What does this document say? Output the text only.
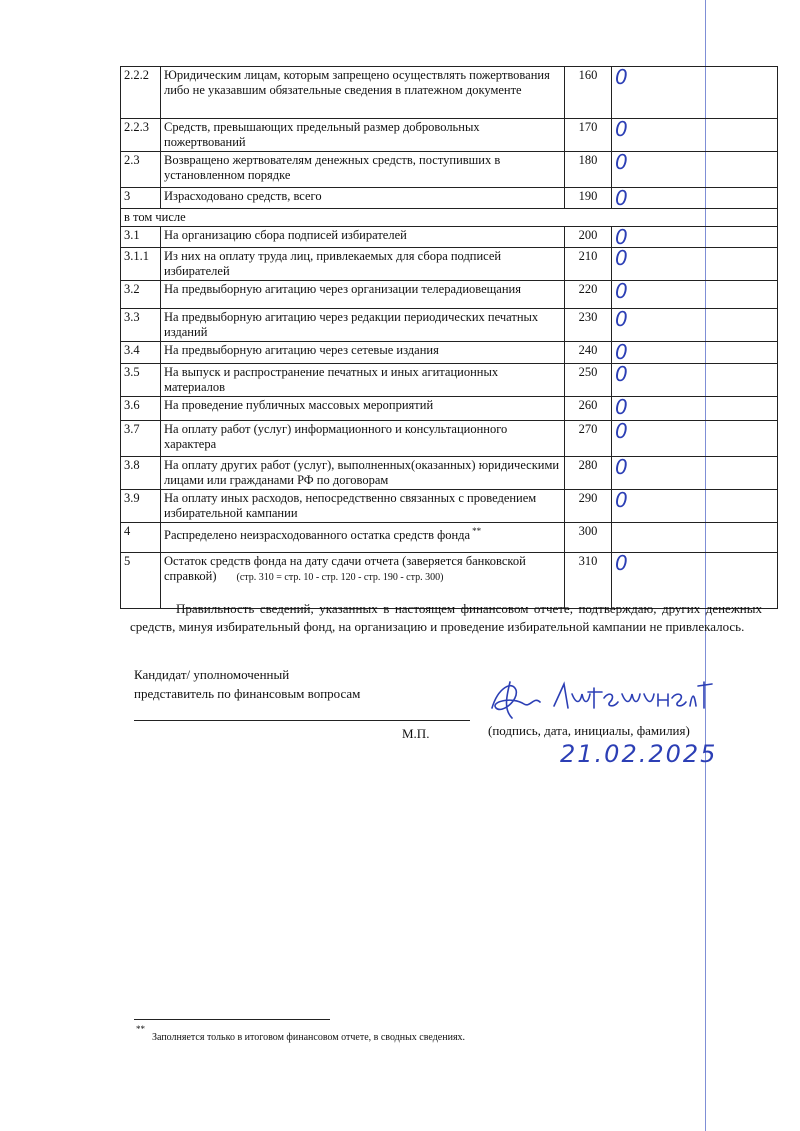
2.2.2	Юридическим лицам, которым запрещено осуществлять пожертвования либо не указавшим обязательные сведения в платежном документе	160	0
2.2.3	Средств, превышающих предельный размер добровольных пожертвований	170	0
2.3	Возвращено жертвователям денежных средств, поступивших в установленном порядке	180	0
3	Израсходовано средств, всего	190	0
в том числе			
3.1	На организацию сбора подписей избирателей	200	0
3.1.1	Из них на оплату труда лиц, привлекаемых для сбора подписей избирателей	210	0
3.2	На предвыборную агитацию через организации телерадиовещания	220	0
3.3	На предвыборную агитацию через редакции периодических печатных изданий	230	0
3.4	На предвыборную агитацию через сетевые издания	240	0
3.5	На выпуск и распространение печатных и иных агитационных материалов	250	0
3.6	На проведение публичных массовых мероприятий	260	0
3.7	На оплату работ (услуг) информационного и консультационного характера	270	0
3.8	На оплату других работ (услуг), выполненных(оказанных) юридическими лицами или гражданами РФ по договорам	280	0
3.9	На оплату иных расходов, непосредственно связанных с проведением избирательной кампании	290	0
4	Распределено неизрасходованного остатка средств фонда **	300	
5	Остаток средств фонда на дату сдачи отчета (заверяется банковской справкой) (стр. 310 = стр. 10 - стр. 120 - стр. 190 - стр. 300)	310	0

Правильность сведений, указанных в настоящем финансовом отчете, подтверждаю, других денежных средств, минуя избирательный фонд, на организацию и проведение избирательной кампании не привлекалось.

Кандидат/ уполномоченный
представитель по финансовым вопросам
М.П.	(подпись, дата, инициалы, фамилия)
21.02.2025
**
Заполняется только в итоговом финансовом отчете, в сводных сведениях.
